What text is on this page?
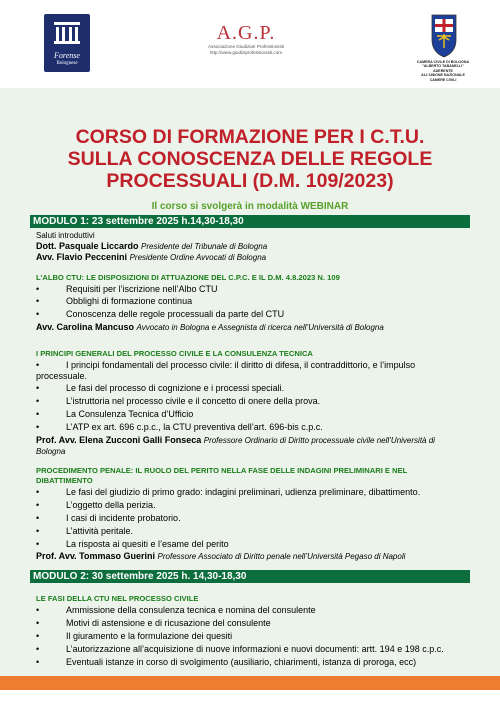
Forense
Bolognese
A.G.P.
Associazione Giudiziari Professionisti
http://www.giudiziprofessionisti.com
CAMERA CIVILE DI BOLOGNA
"ALBERTO TABANELLI" ADERENTE
ALL'UNIONE NAZIONALE CAMERE CIVILI
CORSO DI FORMAZIONE PER I C.T.U.
SULLA CONOSCENZA DELLE REGOLE
PROCESSUALI (D.M. 109/2023)
Il corso si svolgerà in modalità WEBINAR
MODULO 1: 23 settembre 2025 h.14,30-18,30
Saluti introduttivi
Dott. Pasquale Liccardo Presidente del Tribunale di Bologna
Avv. Flavio Peccenini Presidente Ordine Avvocati di Bologna
L’ALBO CTU: LE DISPOSIZIONI DI ATTUAZIONE DEL C.P.C. E IL D.M. 4.8.2023 N. 109
•	Requisiti per l’iscrizione nell’Albo CTU
•	Obblighi di formazione continua
•	Conoscenza delle regole processuali da parte del CTU
Avv. Carolina Mancuso Avvocato in Bologna e Assegnista di ricerca nell’Università di Bologna
I PRINCIPI GENERALI DEL PROCESSO CIVILE E LA CONSULENZA TECNICA
•	I principi fondamentali del processo civile: il diritto di difesa, il contraddittorio, e l’impulso
processuale.
•	Le fasi del processo di cognizione e i processi speciali.
•	L’istruttoria nel processo civile e il concetto di onere della prova.
•	La Consulenza Tecnica d’Ufficio
•	L’ATP ex art. 696 c.p.c., la CTU preventiva dell’art. 696-bis c.p.c.
Prof. Avv. Elena Zucconi Galli Fonseca Professore Ordinario di Diritto processuale civile nell’Università di
Bologna
PROCEDIMENTO PENALE: IL RUOLO DEL PERITO NELLA FASE DELLE INDAGINI PRELIMINARI E NEL
DIBATTIMENTO
•	Le fasi del giudizio di primo grado: indagini preliminari, udienza preliminare, dibattimento.
•	L’oggetto della perizia.
•	I casi di incidente probatorio.
•	L’attività peritale.
•	La risposta ai quesiti e l’esame del perito
Prof. Avv. Tommaso Guerini Professore Associato di Diritto penale nell’Università Pegaso di Napoli
MODULO 2: 30 settembre 2025 h. 14,30-18,30
LE FASI DELLA CTU NEL PROCESSO CIVILE
•	Ammissione della consulenza tecnica e nomina del consulente
•	Motivi di astensione e di ricusazione del consulente
•	Il giuramento e la formulazione dei quesiti
•	L’autorizzazione all’acquisizione di nuove informazioni e nuovi documenti: artt. 194 e 198 c.p.c.
•	Eventuali istanze in corso di svolgimento (ausiliario, chiarimenti, istanza di proroga, ecc)
